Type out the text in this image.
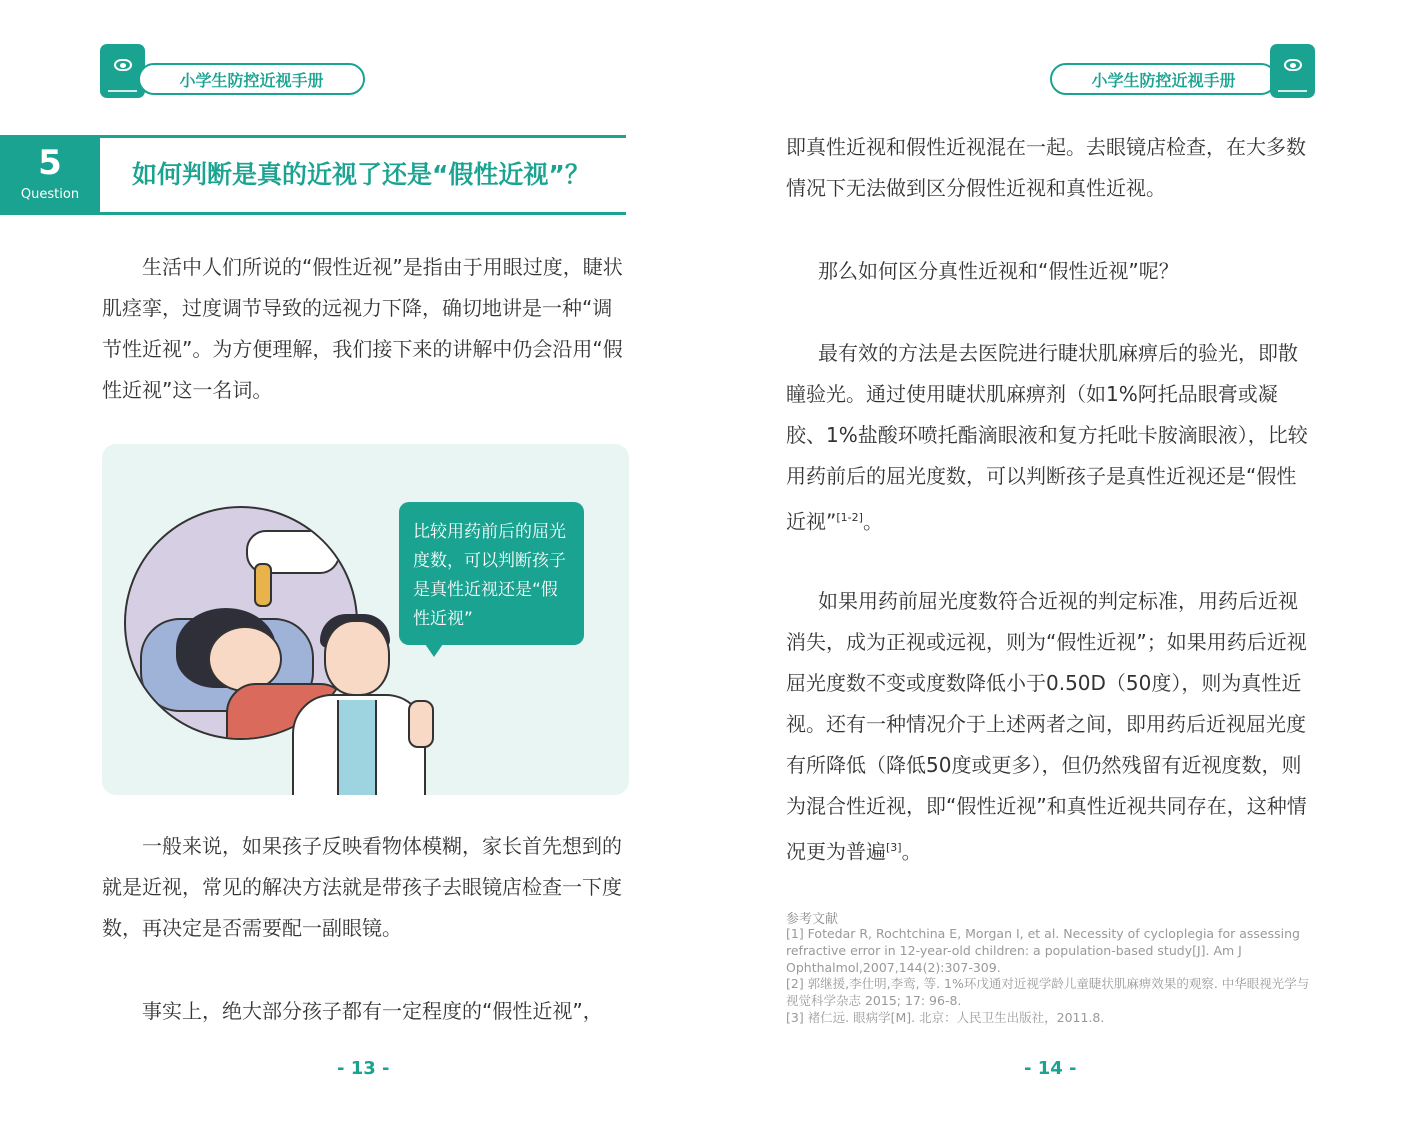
小学生防控近视手册	小学生防控近视手册
5
Question
如何判断是真的近视了还是“假性近视”？

生活中人们所说的“假性近视”是指由于用眼过度，睫状肌痉挛，过度调节导致的远视力下降，确切地讲是一种“调节性近视”。为方便理解，我们接下来的讲解中仍会沿用“假性近视”这一名词。

比较用药前后的屈光度数，可以判断孩子是真性近视还是“假性近视”

一般来说，如果孩子反映看物体模糊，家长首先想到的就是近视，常见的解决方法就是带孩子去眼镜店检查一下度数，再决定是否需要配一副眼镜。

事实上，绝大部分孩子都有一定程度的“假性近视”，

- 13 -

即真性近视和假性近视混在一起。去眼镜店检查，在大多数情况下无法做到区分假性近视和真性近视。

那么如何区分真性近视和“假性近视”呢？

最有效的方法是去医院进行睫状肌麻痹后的验光，即散瞳验光。通过使用睫状肌麻痹剂（如1%阿托品眼膏或凝胶、1%盐酸环喷托酯滴眼液和复方托吡卡胺滴眼液），比较用药前后的屈光度数，可以判断孩子是真性近视还是“假性近视”[1-2]。

如果用药前屈光度数符合近视的判定标准，用药后近视消失，成为正视或远视，则为“假性近视”；如果用药后近视屈光度数不变或度数降低小于0.50D（50度），则为真性近视。还有一种情况介于上述两者之间，即用药后近视屈光度有所降低（降低50度或更多），但仍然残留有近视度数，则为混合性近视，即“假性近视”和真性近视共同存在，这种情况更为普遍[3]。

参考文献
[1] Fotedar R, Rochtchina E, Morgan I, et al. Necessity of cycloplegia for assessing refractive error in 12-year-old children: a population-based study[J]. Am J Ophthalmol,2007,144(2):307-309.
[2] 郭继援,李仕明,李鸾, 等. 1%环戊通对近视学龄儿童睫状肌麻痹效果的观察. 中华眼视光学与视觉科学杂志 2015; 17: 96-8.
[3] 褚仁远. 眼病学[M]. 北京：人民卫生出版社，2011.8.
- 14 -
